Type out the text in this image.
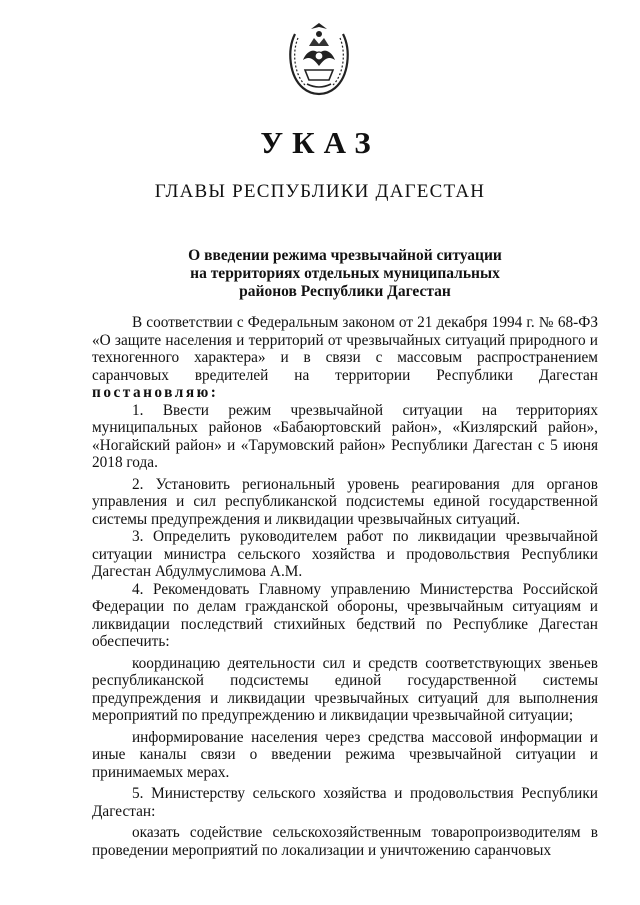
УКАЗ
ГЛАВЫ РЕСПУБЛИКИ ДАГЕСТАН
О введении режима чрезвычайной ситуации
на территориях отдельных муниципальных
районов Республики Дагестан

В соответствии с Федеральным законом от 21 декабря 1994 г. № 68-ФЗ «О защите населения и территорий от чрезвычайных ситуаций природного и техногенного характера» и в связи с массовым распространением саранчовых вредителей на территории Республики Дагестан постановляю:

1. Ввести режим чрезвычайной ситуации на территориях муниципальных районов «Бабаюртовский район», «Кизлярский район», «Ногайский район» и «Тарумовский район» Республики Дагестан с 5 июня 2018 года.

2. Установить региональный уровень реагирования для органов управления и сил республиканской подсистемы единой государственной системы предупреждения и ликвидации чрезвычайных ситуаций.

3. Определить руководителем работ по ликвидации чрезвычайной ситуации министра сельского хозяйства и продовольствия Республики Дагестан Абдулмуслимова А.М.

4. Рекомендовать Главному управлению Министерства Российской Федерации по делам гражданской обороны, чрезвычайным ситуациям и ликвидации последствий стихийных бедствий по Республике Дагестан обеспечить:

координацию деятельности сил и средств соответствующих звеньев республиканской подсистемы единой государственной системы предупреждения и ликвидации чрезвычайных ситуаций для выполнения мероприятий по предупреждению и ликвидации чрезвычайной ситуации;

информирование населения через средства массовой информации и иные каналы связи о введении режима чрезвычайной ситуации и принимаемых мерах.

5. Министерству сельского хозяйства и продовольствия Республики Дагестан:

оказать содействие сельскохозяйственным товаропроизводителям в проведении мероприятий по локализации и уничтожению саранчовых
